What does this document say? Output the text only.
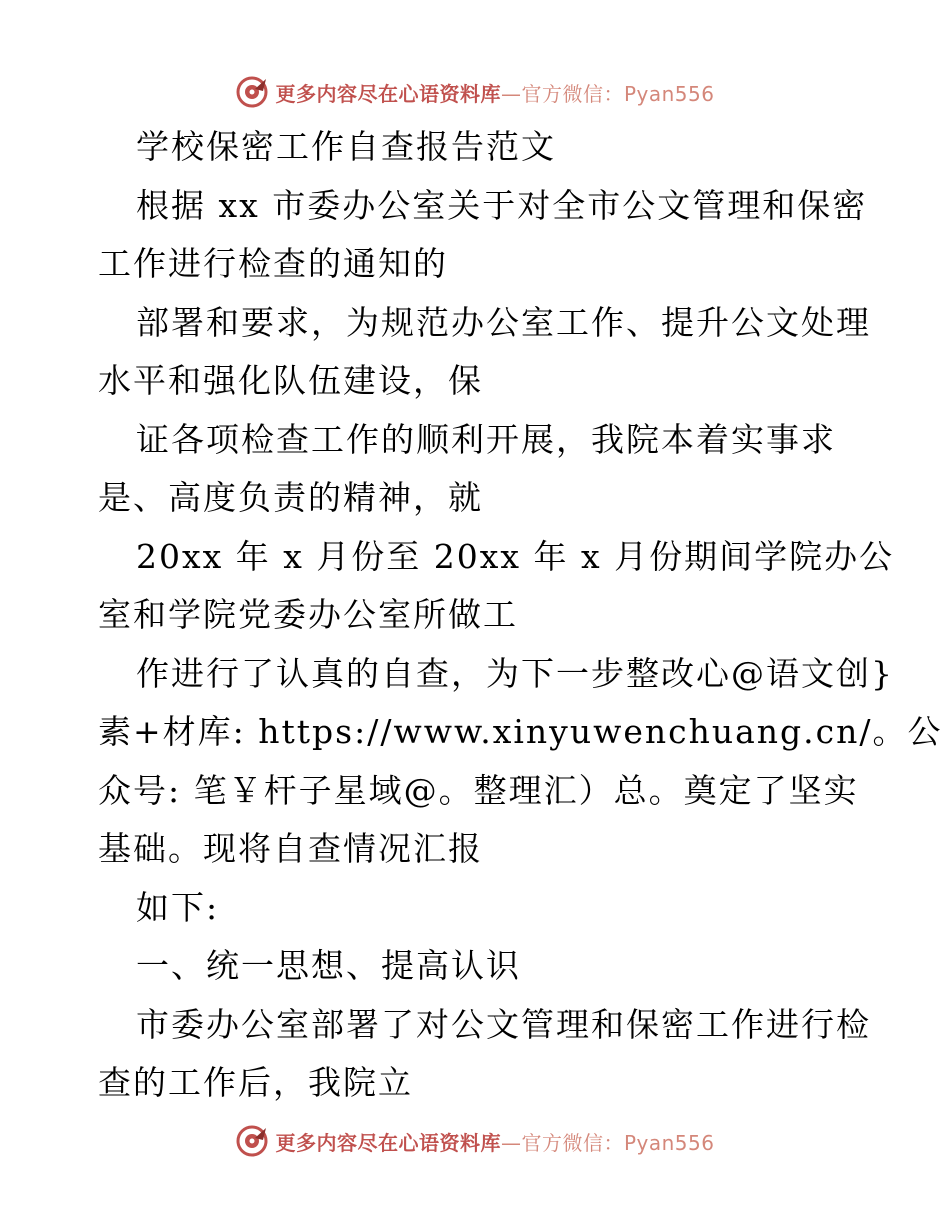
更多内容尽在心语资料库—官方微信：Pyan556
学校保密工作自查报告范文
根据 xx 市委办公室关于对全市公文管理和保密
工作进行检查的通知的
部署和要求，为规范办公室工作、提升公文处理
水平和强化队伍建设，保
证各项检查工作的顺利开展，我院本着实事求
是、高度负责的精神，就
20xx 年 x 月份至 20xx 年 x 月份期间学院办公
室和学院党委办公室所做工
作进行了认真的自查，为下一步整改心@语文创}
素+材库: https://www.xinyuwenchuang.cn/。公
众号: 笔￥杆子星域@。整理汇）总。奠定了坚实
基础。现将自查情况汇报
如下:
一、统一思想、提高认识
市委办公室部署了对公文管理和保密工作进行检
查的工作后，我院立
更多内容尽在心语资料库—官方微信：Pyan556
